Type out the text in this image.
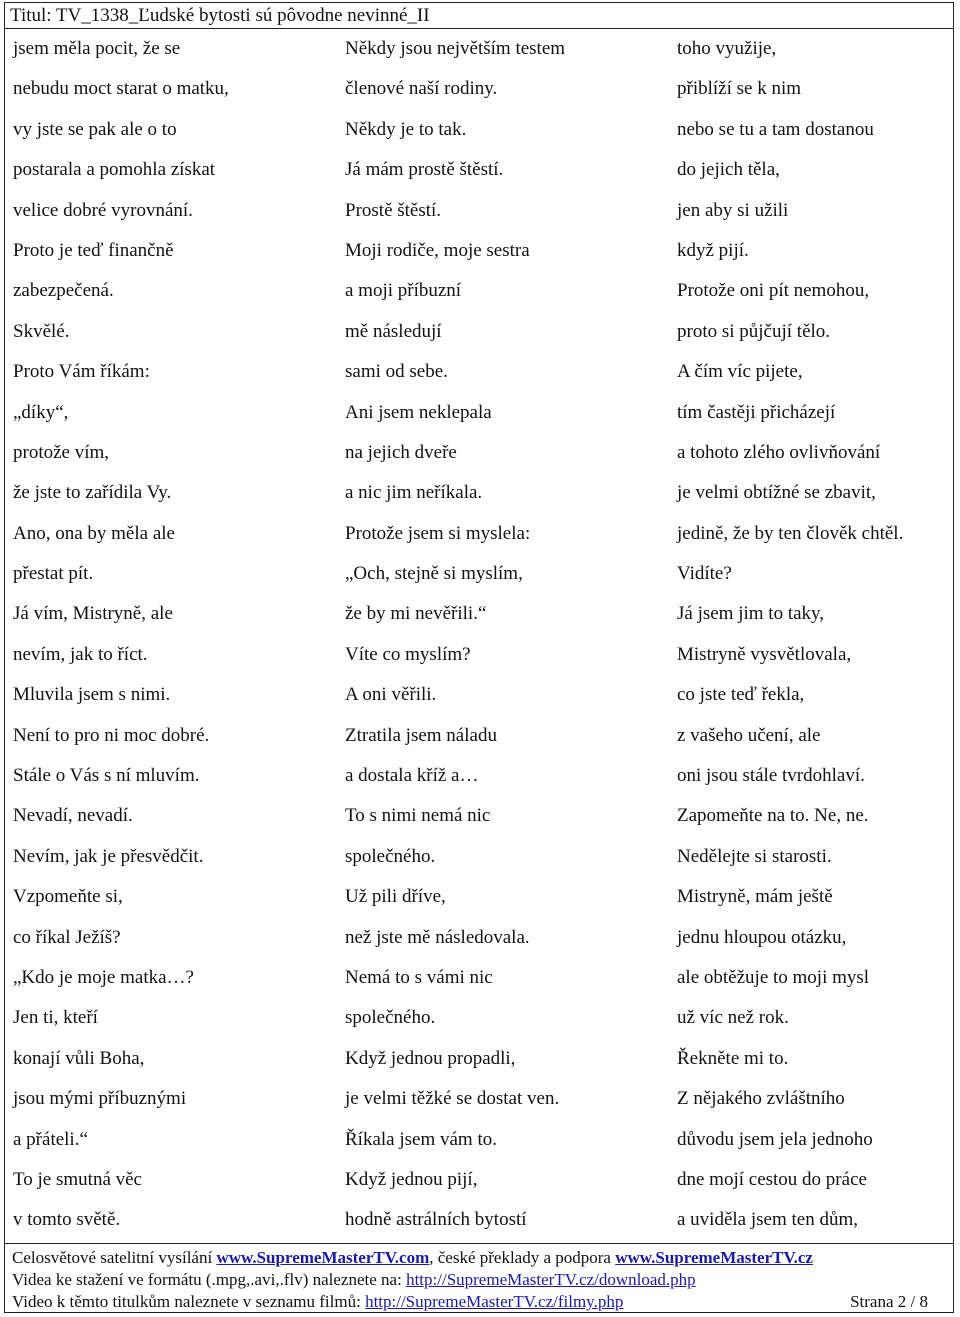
Titul: TV_1338_Ľudské bytosti sú pôvodne nevinné_II
jsem měla pocit, že se
nebudu moct starat o matku,
vy jste se pak ale o to
postarala a pomohla získat
velice dobré vyrovnání.
Proto je teď finančně
zabezpečená.
Skvělé.
Proto Vám říkám:
„díky“,
protože vím,
že jste to zařídila Vy.
Ano, ona by měla ale
přestat pít.
Já vím, Mistryně, ale
nevím, jak to říct.
Mluvila jsem s nimi.
Není to pro ni moc dobré.
Stále o Vás s ní mluvím.
Nevadí, nevadí.
Nevím, jak je přesvědčit.
Vzpomeňte si,
co říkal Ježíš?
„Kdo je moje matka…?
Jen ti, kteří
konají vůli Boha,
jsou mými příbuznými
a přáteli.“
To je smutná věc
v tomto světě.
Někdy jsou největším testem
členové naší rodiny.
Někdy je to tak.
Já mám prostě štěstí.
Prostě štěstí.
Moji rodiče, moje sestra
a moji příbuzní
mě následují
sami od sebe.
Ani jsem neklepala
na jejich dveře
a nic jim neříkala.
Protože jsem si myslela:
„Och, stejně si myslím,
že by mi nevěřili.“
Víte co myslím?
A oni věřili.
Ztratila jsem náladu
a dostala kříž a…
To s nimi nemá nic
společného.
Už pili dříve,
než jste mě následovala.
Nemá to s vámi nic
společného.
Když jednou propadli,
je velmi těžké se dostat ven.
Říkala jsem vám to.
Když jednou pijí,
hodně astrálních bytostí
toho využije,
přiblíží se k nim
nebo se tu a tam dostanou
do jejich těla,
jen aby si užili
když pijí.
Protože oni pít nemohou,
proto si půjčují tělo.
A čím víc pijete,
tím častěji přicházejí
a tohoto zlého ovlivňování
je velmi obtížné se zbavit,
jedině, že by ten člověk chtěl.
Vidíte?
Já jsem jim to taky,
Mistryně vysvětlovala,
co jste teď řekla,
z vašeho učení, ale
oni jsou stále tvrdohlaví.
Zapomeňte na to. Ne, ne.
Nedělejte si starosti.
Mistryně, mám ještě
jednu hloupou otázku,
ale obtěžuje to moji mysl
už víc než rok.
Řekněte mi to.
Z nějakého zvláštního
důvodu jsem jela jednoho
dne mojí cestou do práce
a uviděla jsem ten dům,
Celosvětové satelitní vysílání www.SupremeMasterTV.com, české překlady a podpora www.SupremeMasterTV.cz
Videa ke stažení ve formátu (.mpg,.avi,.flv) naleznete na: http://SupremeMasterTV.cz/download.php
Video k těmto titulkům naleznete v seznamu filmů: http://SupremeMasterTV.cz/filmy.php	Strana 2 / 8
